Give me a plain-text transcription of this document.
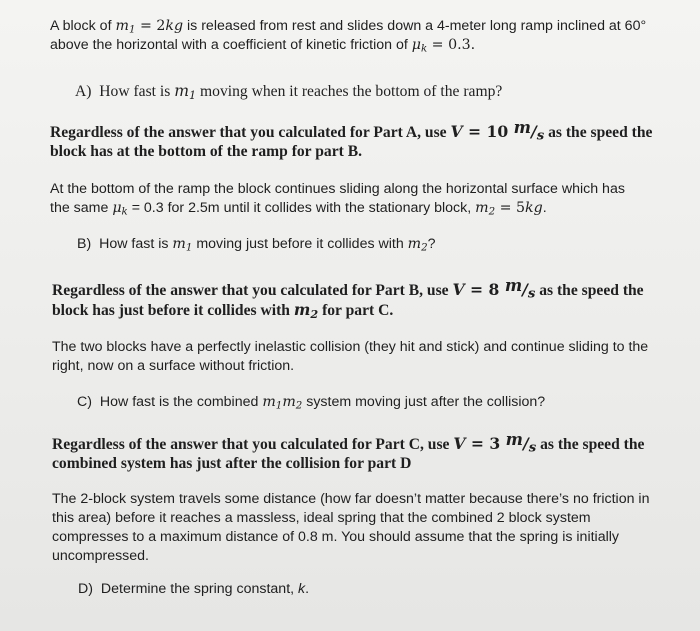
A block of $m_1 = 2kg$ is released from rest and slides down a 4-meter long ramp inclined at 60°
above the horizontal with a coefficient of kinetic friction of $\mu_k = 0.3$.
A) How fast is $m_1$ moving when it reaches the bottom of the ramp?
Regardless of the answer that you calculated for Part A, use V = 10 m/s as the speed the
block has at the bottom of the ramp for part B.
At the bottom of the ramp the block continues sliding along the horizontal surface which has
the same $\mu_k = 0.3$ for 2.5m until it collides with the stationary block, $m_2 = 5kg$.
B) How fast is $m_1$ moving just before it collides with $m_2$?
Regardless of the answer that you calculated for Part B, use V = 8 m/s as the speed the
block has just before it collides with $m_2$ for part C.
The two blocks have a perfectly inelastic collision (they hit and stick) and continue sliding to the
right, now on a surface without friction.
C) How fast is the combined $m_1m_2$ system moving just after the collision?
Regardless of the answer that you calculated for Part C, use V = 3 m/s as the speed the
combined system has just after the collision for part D
The 2-block system travels some distance (how far doesn’t matter because there’s no friction in
this area) before it reaches a massless, ideal spring that the combined 2 block system
compresses to a maximum distance of 0.8 m. You should assume that the spring is initially
uncompressed.
D) Determine the spring constant, k.
